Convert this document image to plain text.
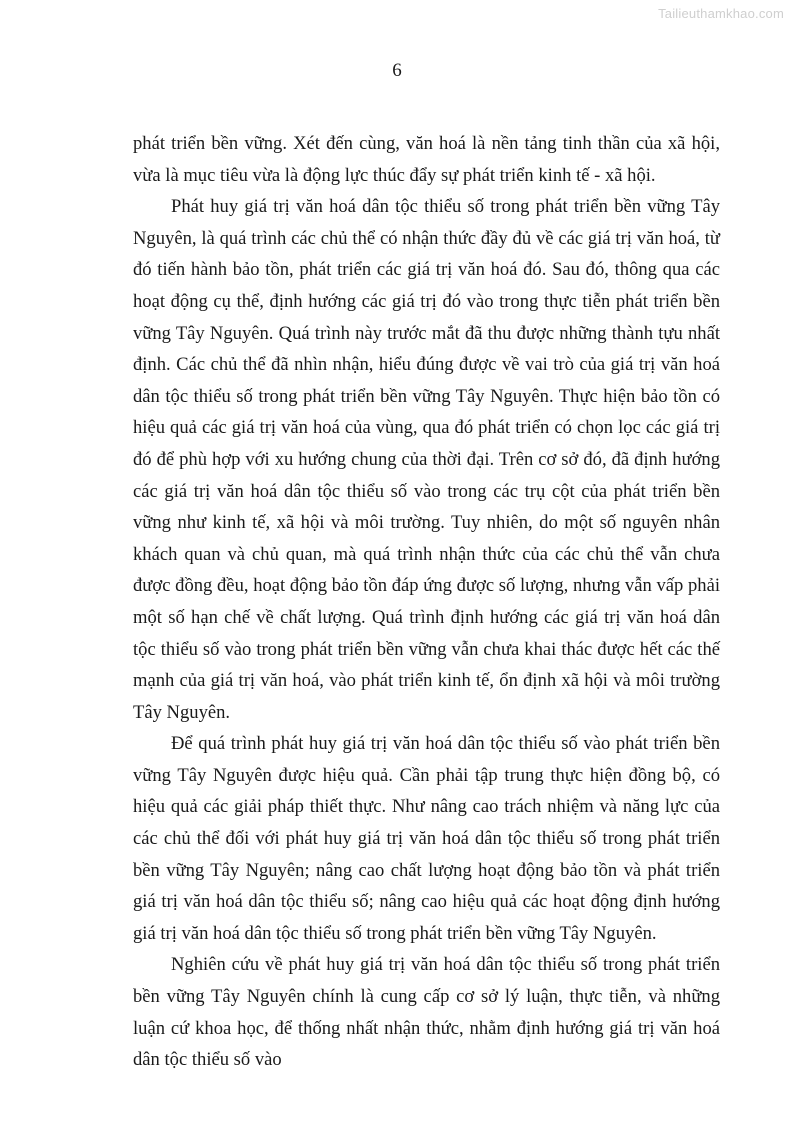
Tailieuthamkhao.com
6

phát triển bền vững. Xét đến cùng, văn hoá là nền tảng tinh thần của xã hội, vừa là mục tiêu vừa là động lực thúc đẩy sự phát triển kinh tế - xã hội.

Phát huy giá trị văn hoá dân tộc thiểu số trong phát triển bền vững Tây Nguyên, là quá trình các chủ thể có nhận thức đầy đủ về các giá trị văn hoá, từ đó tiến hành bảo tồn, phát triển các giá trị văn hoá đó. Sau đó, thông qua các hoạt động cụ thể, định hướng các giá trị đó vào trong thực tiễn phát triển bền vững Tây Nguyên. Quá trình này trước mắt đã thu được những thành tựu nhất định. Các chủ thể đã nhìn nhận, hiểu đúng được về vai trò của giá trị văn hoá dân tộc thiểu số trong phát triển bền vững Tây Nguyên. Thực hiện bảo tồn có hiệu quả các giá trị văn hoá của vùng, qua đó phát triển có chọn lọc các giá trị đó để phù hợp với xu hướng chung của thời đại. Trên cơ sở đó, đã định hướng các giá trị văn hoá dân tộc thiểu số vào trong các trụ cột của phát triển bền vững như kinh tế, xã hội và môi trường. Tuy nhiên, do một số nguyên nhân khách quan và chủ quan, mà quá trình nhận thức của các chủ thể vẫn chưa được đồng đều, hoạt động bảo tồn đáp ứng được số lượng, nhưng vẫn vấp phải một số hạn chế về chất lượng. Quá trình định hướng các giá trị văn hoá dân tộc thiểu số vào trong phát triển bền vững vẫn chưa khai thác được hết các thế mạnh của giá trị văn hoá, vào phát triển kinh tế, ổn định xã hội và môi trường Tây Nguyên.

Để quá trình phát huy giá trị văn hoá dân tộc thiểu số vào phát triển bền vững Tây Nguyên được hiệu quả. Cần phải tập trung thực hiện đồng bộ, có hiệu quả các giải pháp thiết thực. Như nâng cao trách nhiệm và năng lực của các chủ thể đối với phát huy giá trị văn hoá dân tộc thiểu số trong phát triển bền vững Tây Nguyên; nâng cao chất lượng hoạt động bảo tồn và phát triển giá trị văn hoá dân tộc thiểu số; nâng cao hiệu quả các hoạt động định hướng giá trị văn hoá dân tộc thiểu số trong phát triển bền vững Tây Nguyên.

Nghiên cứu về phát huy giá trị văn hoá dân tộc thiểu số trong phát triển bền vững Tây Nguyên chính là cung cấp cơ sở lý luận, thực tiễn, và những luận cứ khoa học, để thống nhất nhận thức, nhằm định hướng giá trị văn hoá dân tộc thiểu số vào
